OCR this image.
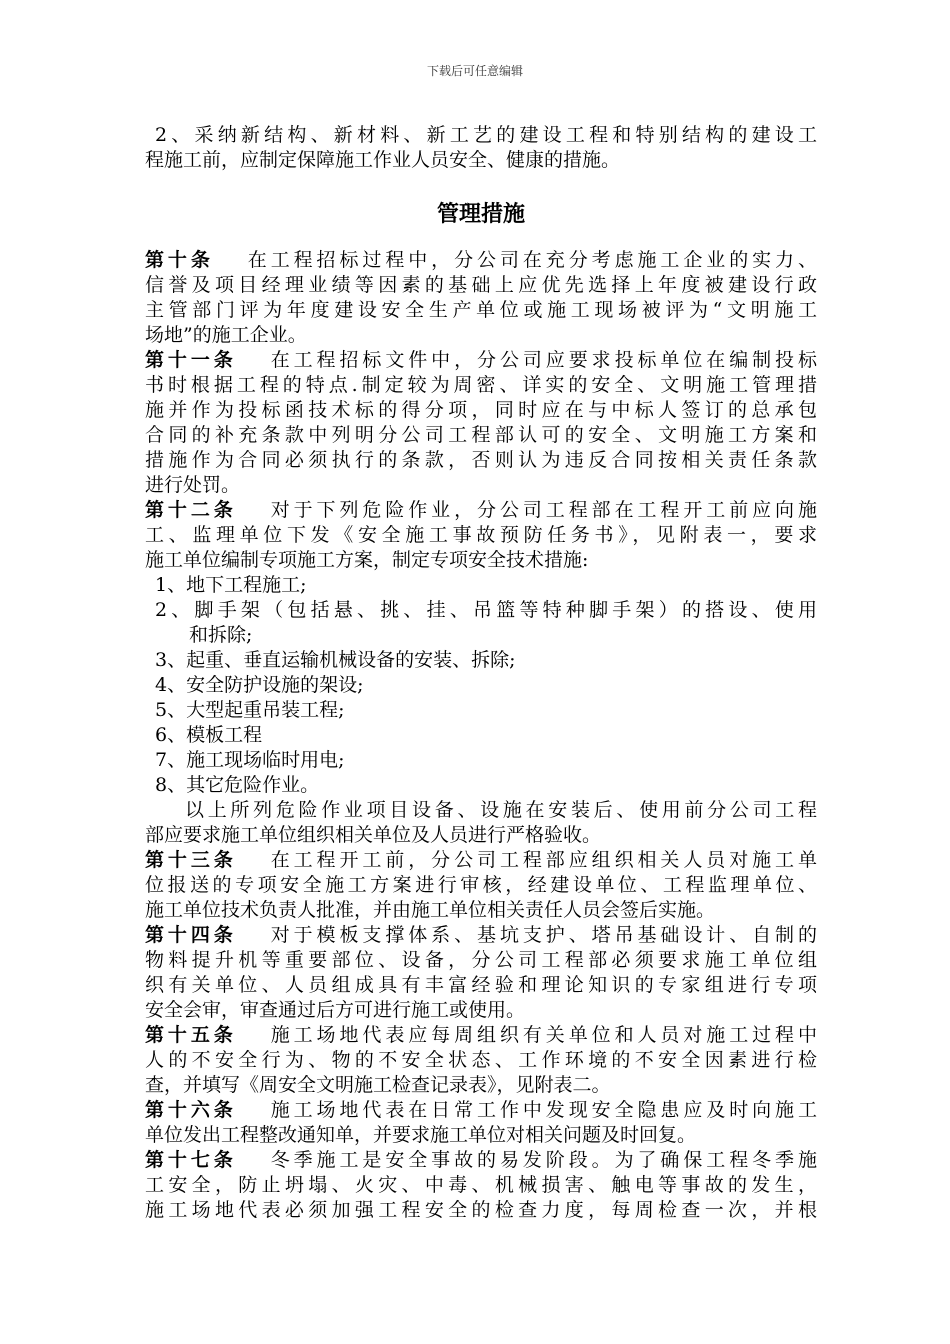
下载后可任意编辑
2、采纳新结构、新材料、新工艺的建设工程和特别结构的建设工
程施工前，应制定保障施工作业人员安全、健康的措施。
管理措施
第十条 在工程招标过程中，分公司在充分考虑施工企业的实力、
信誉及项目经理业绩等因素的基础上应优先选择上年度被建设行政
主管部门评为年度建设安全生产单位或施工现场被评为“文明施工
场地”的施工企业。
第十一条 在工程招标文件中，分公司应要求投标单位在编制投标
书时根据工程的特点.制定较为周密、详实的安全、文明施工管理措
施并作为投标函技术标的得分项，同时应在与中标人签订的总承包
合同的补充条款中列明分公司工程部认可的安全、文明施工方案和
措施作为合同必须执行的条款，否则认为违反合同按相关责任条款
进行处罚。
第十二条 对于下列危险作业，分公司工程部在工程开工前应向施
工、监理单位下发《安全施工事故预防任务书》，见附表一，要求
施工单位编制专项施工方案，制定专项安全技术措施:
1、地下工程施工;
2、脚手架（包括悬、挑、挂、吊篮等特种脚手架）的搭设、使用
和拆除;
3、起重、垂直运输机械设备的安装、拆除;
4、安全防护设施的架设;
5、大型起重吊装工程;
6、模板工程
7、施工现场临时用电;
8、其它危险作业。
以上所列危险作业项目设备、设施在安装后、使用前分公司工程
部应要求施工单位组织相关单位及人员进行严格验收。
第十三条 在工程开工前，分公司工程部应组织相关人员对施工单
位报送的专项安全施工方案进行审核，经建设单位、工程监理单位、
施工单位技术负责人批准，并由施工单位相关责任人员会签后实施。
第十四条 对于模板支撑体系、基坑支护、塔吊基础设计、自制的
物料提升机等重要部位、设备，分公司工程部必须要求施工单位组
织有关单位、人员组成具有丰富经验和理论知识的专家组进行专项
安全会审，审查通过后方可进行施工或使用。
第十五条 施工场地代表应每周组织有关单位和人员对施工过程中
人的不安全行为、物的不安全状态、工作环境的不安全因素进行检
查，并填写《周安全文明施工检查记录表》，见附表二。
第十六条 施工场地代表在日常工作中发现安全隐患应及时向施工
单位发出工程整改通知单，并要求施工单位对相关问题及时回复。
第十七条 冬季施工是安全事故的易发阶段。为了确保工程冬季施
工安全，防止坍塌、火灾、中毒、机械损害、触电等事故的发生，
施工场地代表必须加强工程安全的检查力度，每周检查一次，并根
